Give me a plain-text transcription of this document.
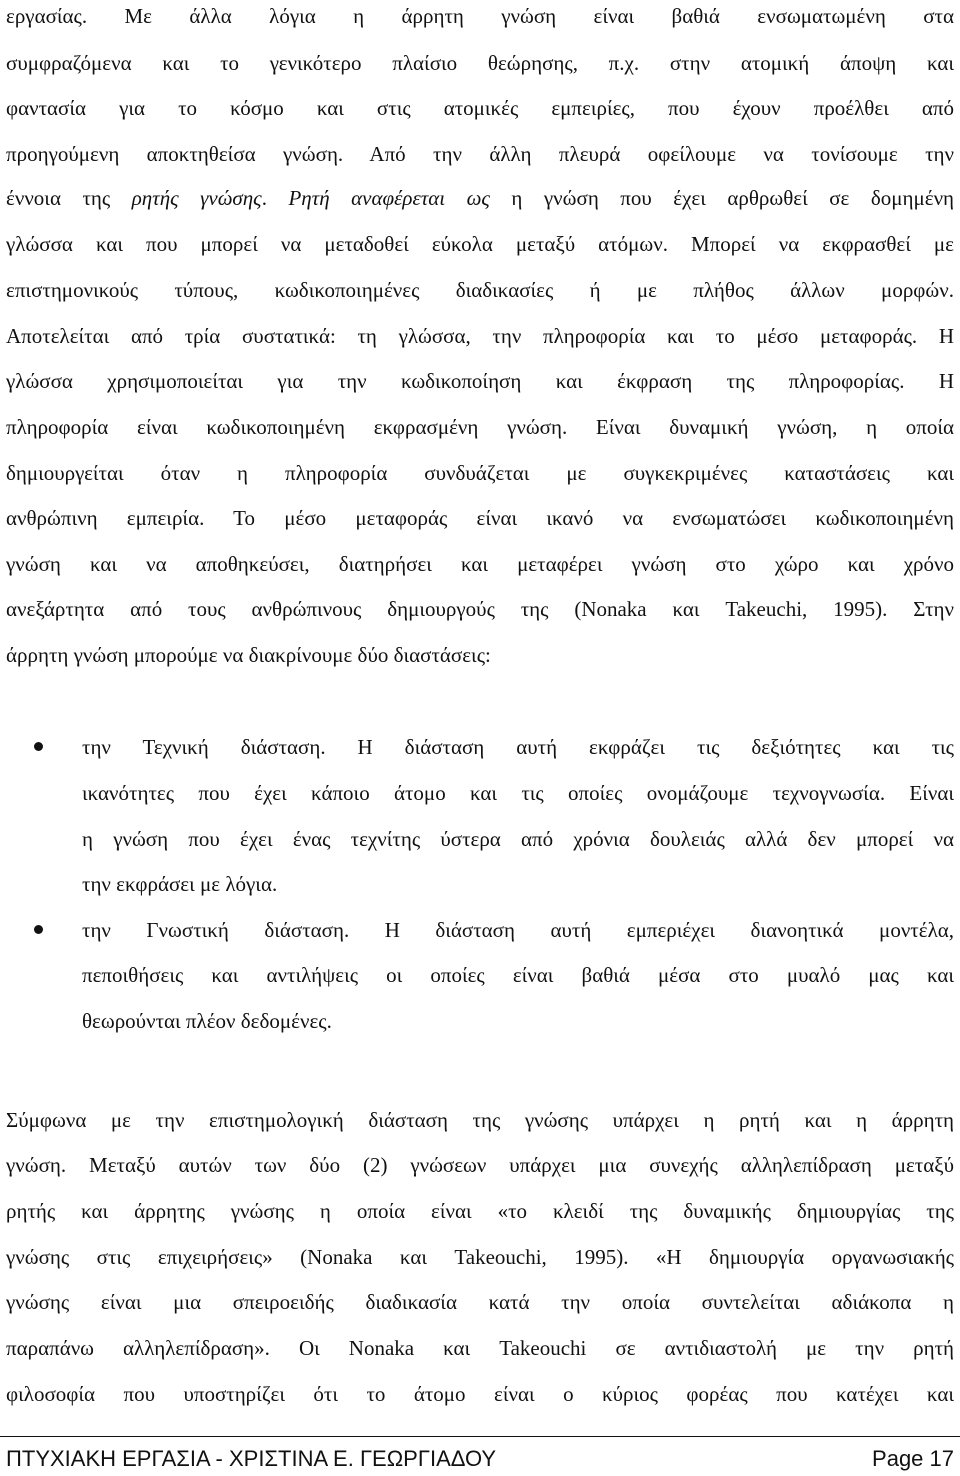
εργασίας. Με άλλα λόγια η άρρητη γνώση είναι βαθιά ενσωματωμένη στα
συμφραζόμενα και το γενικότερο πλαίσιο θεώρησης, π.χ. στην ατομική άποψη και
φαντασία για το κόσμο και στις ατομικές εμπειρίες, που έχουν προέλθει από
προηγούμενη αποκτηθείσα γνώση. Από την άλλη πλευρά οφείλουμε να τονίσουμε την
έννοια της ρητής γνώσης. Ρητή αναφέρεται ως η γνώση που έχει αρθρωθεί σε δομημένη
γλώσσα και που μπορεί να μεταδοθεί εύκολα μεταξύ ατόμων. Μπορεί να εκφρασθεί με
επιστημονικούς τύπους, κωδικοποιημένες διαδικασίες ή με πλήθος άλλων μορφών.
Αποτελείται από τρία συστατικά: τη γλώσσα, την πληροφορία και το μέσο μεταφοράς. Η
γλώσσα χρησιμοποιείται για την κωδικοποίηση και έκφραση της πληροφορίας. Η
πληροφορία είναι κωδικοποιημένη εκφρασμένη γνώση. Είναι δυναμική γνώση, η οποία
δημιουργείται όταν η πληροφορία συνδυάζεται με συγκεκριμένες καταστάσεις και
ανθρώπινη εμπειρία. Το μέσο μεταφοράς είναι ικανό να ενσωματώσει κωδικοποιημένη
γνώση και να αποθηκεύσει, διατηρήσει και μεταφέρει γνώση στο χώρο και χρόνο
ανεξάρτητα από τους ανθρώπινους δημιουργούς της (Nonaka και Takeuchi, 1995). Στην
άρρητη γνώση μπορούμε να διακρίνουμε δύο διαστάσεις:
την Τεχνική διάσταση. Η διάσταση αυτή εκφράζει τις δεξιότητες και τις
ικανότητες που έχει κάποιο άτομο και τις οποίες ονομάζουμε τεχνογνωσία. Είναι
η γνώση που έχει ένας τεχνίτης ύστερα από χρόνια δουλειάς αλλά δεν μπορεί να
την εκφράσει με λόγια.
την Γνωστική διάσταση. Η διάσταση αυτή εμπεριέχει διανοητικά μοντέλα,
πεποιθήσεις και αντιλήψεις οι οποίες είναι βαθιά μέσα στο μυαλό μας και
θεωρούνται πλέον δεδομένες.
Σύμφωνα με την επιστημολογική διάσταση της γνώσης υπάρχει η ρητή και η άρρητη
γνώση. Μεταξύ αυτών των δύο (2) γνώσεων υπάρχει μια συνεχής αλληλεπίδραση μεταξύ
ρητής και άρρητης γνώσης η οποία είναι «το κλειδί της δυναμικής δημιουργίας της
γνώσης στις επιχειρήσεις» (Nonaka και Takeouchi, 1995). «Η δημιουργία οργανωσιακής
γνώσης είναι μια σπειροειδής διαδικασία κατά την οποία συντελείται αδιάκοπα η
παραπάνω αλληλεπίδραση». Οι Nonaka και Takeouchi σε αντιδιαστολή με την ρητή
φιλοσοφία που υποστηρίζει ότι το άτομο είναι ο κύριος φορέας που κατέχει και
ΠΤΥΧΙΑΚΗ ΕΡΓΑΣΙΑ - ΧΡΙΣΤΙΝΑ Ε. ΓΕΩΡΓΙΑΔΟΥ	Page 17
